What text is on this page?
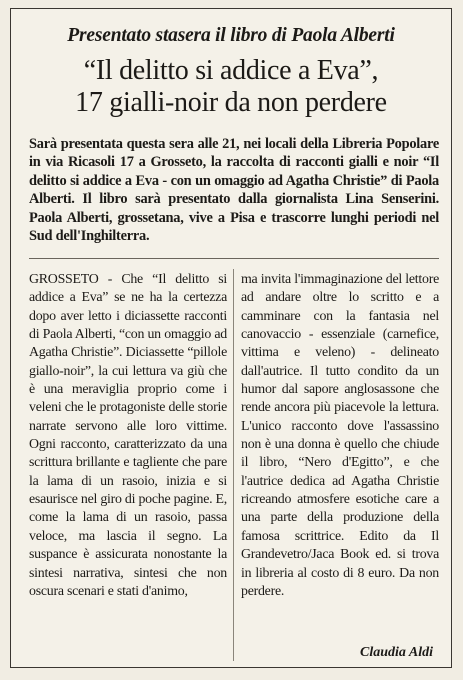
Presentato stasera il libro di Paola Alberti
“Il delitto si addice a Eva”,
17 gialli-noir da non perdere
Sarà presentata questa sera alle 21, nei locali della Libreria Popolare in via Ricasoli 17 a Grosseto, la raccolta di racconti gialli e noir “Il delitto si addice a Eva - con un omaggio ad Agatha Christie” di Paola Alberti. Il libro sarà presentato dalla giornalista Lina Senserini. Paola Alberti, grossetana, vive a Pisa e trascorre lunghi periodi nel Sud dell'Inghilterra.
GROSSETO - Che “Il delitto si addice a Eva” se ne ha la certezza dopo aver letto i diciassette racconti di Paola Alberti, “con un omaggio ad Agatha Christie”. Diciassette “pillole giallo-noir”, la cui lettura va giù che è una meraviglia proprio come i veleni che le protagoniste delle storie narrate servono alle loro vittime. Ogni racconto, caratterizzato da una scrittura brillante e tagliente che pare la lama di un rasoio, inizia e si esaurisce nel giro di poche pagine. E, come la lama di un rasoio, passa veloce, ma lascia il segno. La suspance è assicurata nonostante la sintesi narrativa, sintesi che non oscura scenari e stati d'animo,
ma invita l'immaginazione del lettore ad andare oltre lo scritto e a camminare con la fantasia nel canovaccio - essenziale (carnefice, vittima e veleno) - delineato dall'autrice. Il tutto condito da un humor dal sapore anglosassone che rende ancora più piacevole la lettura. L'unico racconto dove l'assassino non è una donna è quello che chiude il libro, “Nero d'Egitto”, e che l'autrice dedica ad Agatha Christie ricreando atmosfere esotiche care a una parte della produzione della famosa scrittrice. Edito da Il Grandevetro/Jaca Book ed. si trova in libreria al costo di 8 euro. Da non perdere.
Claudia Aldi
